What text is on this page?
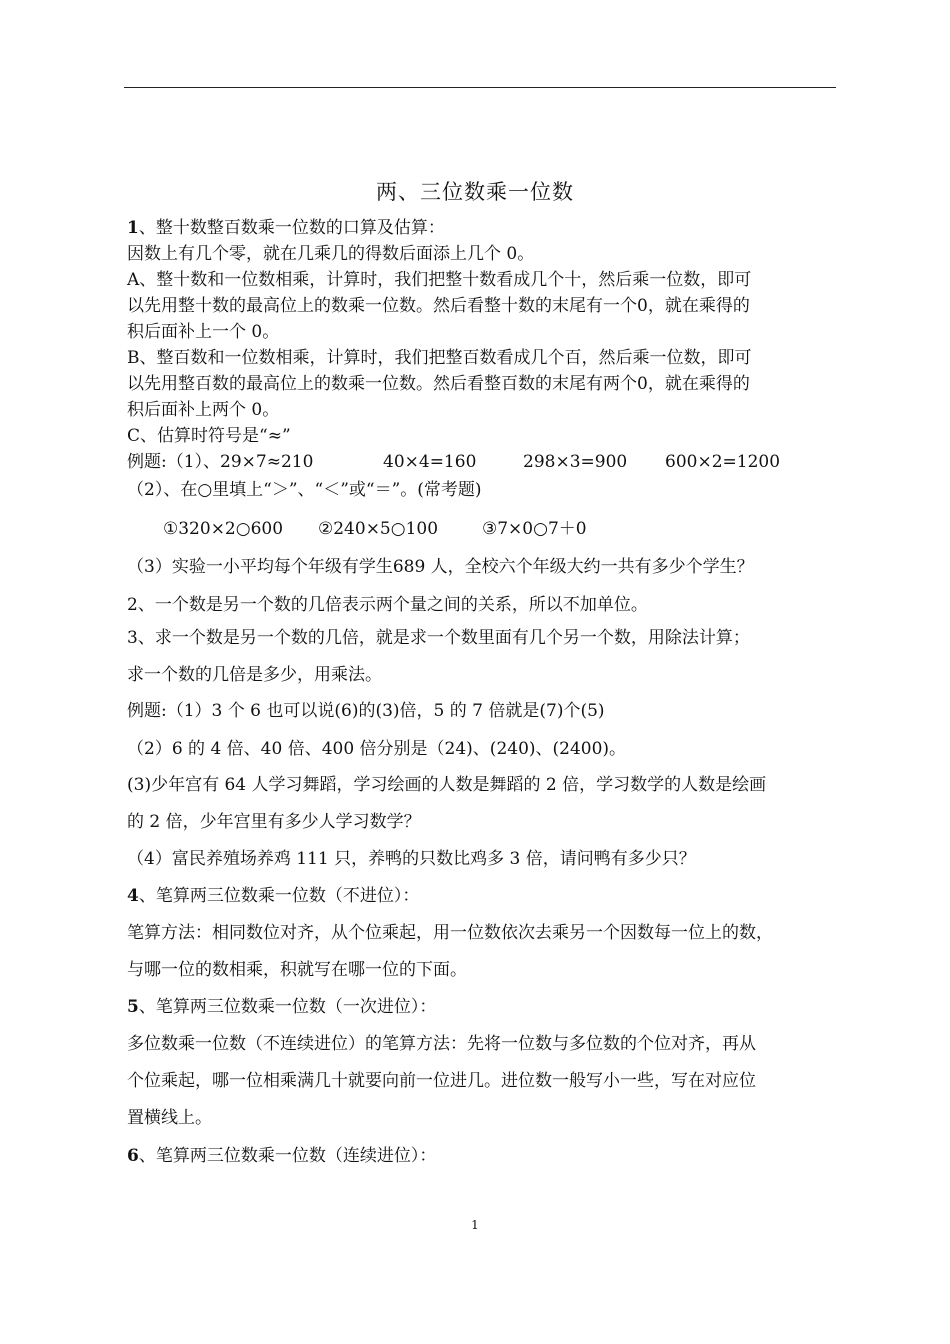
两、三位数乘一位数
1、整十数整百数乘一位数的口算及估算：
因数上有几个零，就在几乘几的得数后面添上几个 0。
A、整十数和一位数相乘，计算时，我们把整十数看成几个十，然后乘一位数，即可
以先用整十数的最高位上的数乘一位数。然后看整十数的末尾有一个0，就在乘得的
积后面补上一个 0。
B、整百数和一位数相乘，计算时，我们把整百数看成几个百，然后乘一位数，即可
以先用整百数的最高位上的数乘一位数。然后看整百数的末尾有两个0，就在乘得的
积后面补上两个 0。
C、估算时符号是“≈”
例题:（1）、29×7≈210	40×4=160	298×3=900 600×2=1200
（2）、在○里填上“＞”、“＜”或“＝”。(常考题)
①320×2○600 ②240×5○100	③7×0○7＋0
（3）实验一小平均每个年级有学生689 人，全校六个年级大约一共有多少个学生？
2、一个数是另一个数的几倍表示两个量之间的关系，所以不加单位。
3、求一个数是另一个数的几倍，就是求一个数里面有几个另一个数，用除法计算；
求一个数的几倍是多少，用乘法。
例题:（1）3 个 6 也可以说(6)的(3)倍，5 的 7 倍就是(7)个(5)
（2）6 的 4 倍、40 倍、400 倍分别是（24)、(240)、(2400)。
(3)少年宫有 64 人学习舞蹈，学习绘画的人数是舞蹈的 2 倍，学习数学的人数是绘画
的 2 倍，少年宫里有多少人学习数学？
（4）富民养殖场养鸡 111 只，养鸭的只数比鸡多 3 倍，请问鸭有多少只？
4、笔算两三位数乘一位数（不进位）：
笔算方法：相同数位对齐，从个位乘起，用一位数依次去乘另一个因数每一位上的数，
与哪一位的数相乘，积就写在哪一位的下面。
5、笔算两三位数乘一位数（一次进位）：
多位数乘一位数（不连续进位）的笔算方法：先将一位数与多位数的个位对齐，再从
个位乘起，哪一位相乘满几十就要向前一位进几。进位数一般写小一些，写在对应位
置横线上。
6、笔算两三位数乘一位数（连续进位）：
1
